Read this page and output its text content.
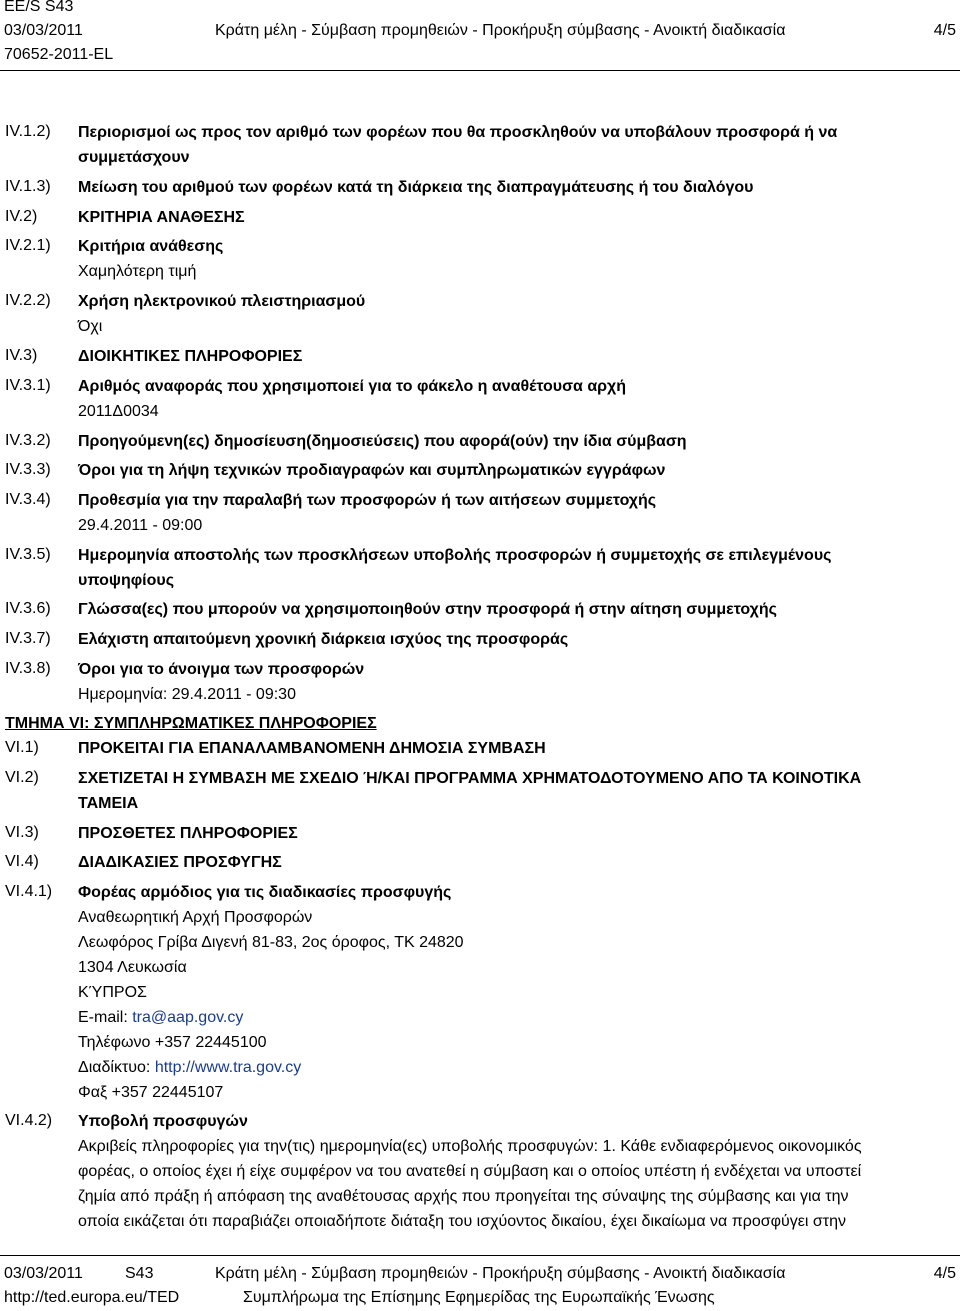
EE/S S43
03/03/2011
70652-2011-EL
Κράτη μέλη - Σύμβαση προμηθειών - Προκήρυξη σύμβασης - Ανοικτή διαδικασία	4/5
IV.1.2) Περιορισμοί ως προς τον αριθμό των φορέων που θα προσκληθούν να υποβάλουν προσφορά ή να
συμμετάσχουν
IV.1.3) Μείωση του αριθμού των φορέων κατά τη διάρκεια της διαπραγμάτευσης ή του διαλόγου
IV.2)	ΚΡΙΤΗΡΙΑ ΑΝΑΘΕΣΗΣ
IV.2.1) Κριτήρια ανάθεσης
Χαμηλότερη τιμή
IV.2.2) Χρήση ηλεκτρονικού πλειστηριασμού
Όχι
IV.3)	ΔΙΟΙΚΗΤΙΚΕΣ ΠΛΗΡΟΦΟΡΙΕΣ
IV.3.1) Αριθμός αναφοράς που χρησιμοποιεί για το φάκελο η αναθέτουσα αρχή
2011Δ0034
IV.3.2) Προηγούμενη(ες) δημοσίευση(δημοσιεύσεις) που αφορά(ούν) την ίδια σύμβαση
IV.3.3) Όροι για τη λήψη τεχνικών προδιαγραφών και συμπληρωματικών εγγράφων
IV.3.4) Προθεσμία για την παραλαβή των προσφορών ή των αιτήσεων συμμετοχής
29.4.2011 - 09:00
IV.3.5) Ημερομηνία αποστολής των προσκλήσεων υποβολής προσφορών ή συμμετοχής σε επιλεγμένους
υποψηφίους
IV.3.6) Γλώσσα(ες) που μπορούν να χρησιμοποιηθούν στην προσφορά ή στην αίτηση συμμετοχής
IV.3.7) Ελάχιστη απαιτούμενη χρονική διάρκεια ισχύος της προσφοράς
IV.3.8) Όροι για το άνοιγμα των προσφορών
Ημερομηνία: 29.4.2011 - 09:30
ΤΜΗΜΑ VI: ΣΥΜΠΛΗΡΩΜΑΤΙΚΕΣ ΠΛΗΡΟΦΟΡΙΕΣ
VI.1) ΠΡΟΚΕΙΤΑΙ ΓΙΑ ΕΠΑΝΑΛΑΜΒΑΝΟΜΕΝΗ ΔΗΜΟΣΙΑ ΣΥΜΒΑΣΗ
VI.2) ΣΧΕΤΙΖΕΤΑΙ Η ΣΥΜΒΑΣΗ ΜΕ ΣΧΕΔΙΟ Ή/ΚΑΙ ΠΡΟΓΡΑΜΜΑ ΧΡΗΜΑΤΟΔΟΤΟΥΜΕΝΟ ΑΠΟ ΤΑ ΚΟΙΝΟΤΙΚΑ
ΤΑΜΕΙΑ
VI.3) ΠΡΟΣΘΕΤΕΣ ΠΛΗΡΟΦΟΡΙΕΣ
VI.4) ΔΙΑΔΙΚΑΣΙΕΣ ΠΡΟΣΦΥΓΗΣ
VI.4.1) Φορέας αρμόδιος για τις διαδικασίες προσφυγής
Αναθεωρητική Αρχή Προσφορών
Λεωφόρος Γρίβα Διγενή 81-83, 2ος όροφος, ΤΚ 24820
1304 Λευκωσία
ΚΎΠΡΟΣ
E-mail: tra@aap.gov.cy
Τηλέφωνο +357 22445100
Διαδίκτυο: http://www.tra.gov.cy
Φαξ +357 22445107
VI.4.2) Υποβολή προσφυγών
Ακριβείς πληροφορίες για την(τις) ημερομηνία(ες) υποβολής προσφυγών: 1. Κάθε ενδιαφερόμενος οικονομικός
φορέας, ο οποίος έχει ή είχε συμφέρον να του ανατεθεί η σύμβαση και ο οποίος υπέστη ή ενδέχεται να υποστεί
ζημία από πράξη ή απόφαση της αναθέτουσας αρχής που προηγείται της σύναψης της σύμβασης και για την
οποία εικάζεται ότι παραβιάζει οποιαδήποτε διάταξη του ισχύοντος δικαίου, έχει δικαίωμα να προσφύγει στην
03/03/2011	S43	Κράτη μέλη - Σύμβαση προμηθειών - Προκήρυξη σύμβασης - Ανοικτή διαδικασία	4/5
http://ted.europa.eu/TED	Συμπλήρωμα της Επίσημης Εφημερίδας της Ευρωπαϊκής Ένωσης
